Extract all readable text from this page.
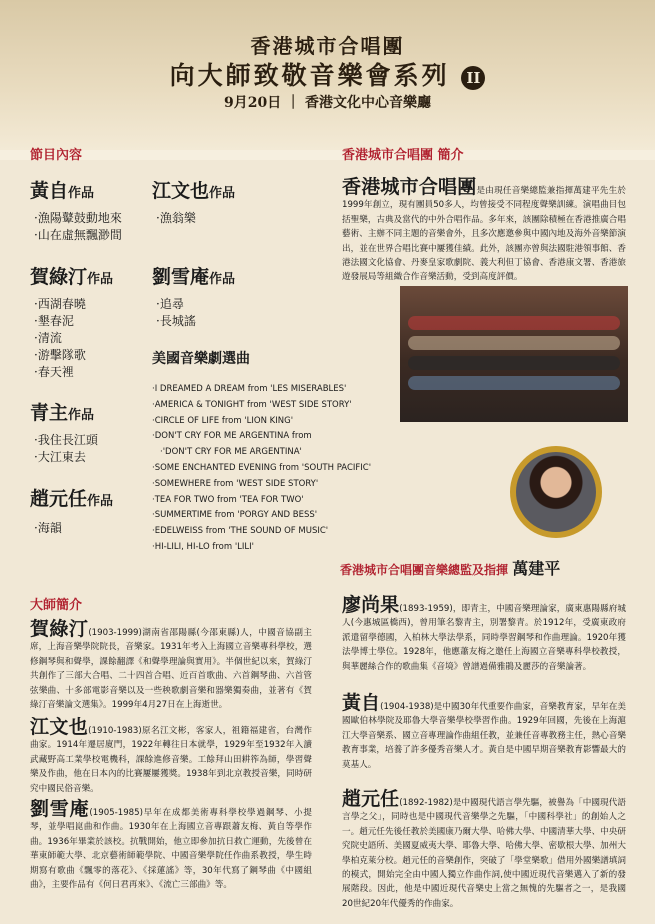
香港城市合唱團
向大師致敬音樂會系列 II
9月20日 ｜ 香港文化中心音樂廳
節目內容
黃自作品
· 漁陽鼙鼓動地來
· 山在虛無飄渺間
江文也作品
· 漁翁樂
賀綠汀作品
· 西湖春曉
· 墾春泥
· 清流
· 游擊隊歌
· 春天裡
劉雪庵作品
· 追尋
· 長城謠
青主作品
· 我住長江頭
· 大江東去
趙元任作品
· 海韻
美國音樂劇選曲
· I DREAMED A DREAM from 'LES MISERABLES'
· AMERICA & TONIGHT from 'WEST SIDE STORY'
· CIRCLE OF LIFE from 'LION KING'
· DON'T CRY FOR ME ARGENTINA from
· 'DON'T CRY FOR ME ARGENTINA'
· SOME ENCHANTED EVENING from 'SOUTH PACIFIC'
· SOMEWHERE from 'WEST SIDE STORY'
· TEA FOR TWO from 'TEA FOR TWO'
· SUMMERTIME from 'PORGY AND BESS'
· EDELWEISS from 'THE SOUND OF MUSIC'
· HI-LILI, HI-LO from 'LILI'
香港城市合唱團 簡介
香港城市合唱團是由現任音樂總監兼指揮萬建平先生於1999年創立，現有團員50多人，均曾接受不同程度聲樂訓練。演唱曲目包括聖樂，古典及當代的中外合唱作品。多年來，該團除積極在香港推廣合唱藝術、主辦不同主題的音樂會外，且多次應邀參與中國內地及海外音樂節演出，並在世界合唱比賽中屢獲佳績。此外，該團亦曾與法國駐港領事館、香港法國文化協會、丹麥皇家歌劇院、義大利但丁協會、香港康文署、香港旅遊發展局等組織合作音樂活動，受到高度評價。
香港城市合唱團音樂總監及指揮 萬建平
大師簡介
賀綠汀(1903-1999)湖南省邵陽縣(今邵東縣)人，中國音協副主席，上海音樂學院院長，音樂家。1931年考入上海國立音樂專科學校，選修鋼琴與和聲學，課餘翻譯《和聲學理論與實用》。半個世紀以來，賀綠汀共創作了三部大合唱、二十四首合唱、近百首歌曲、六首鋼琴曲、六首管弦樂曲、十多部電影音樂以及一些秧歌劇音樂和器樂獨奏曲，並著有《賀綠汀音樂論文選集》。1999年4月27日在上海逝世。
江文也(1910-1983)原名江文彬，客家人，祖籍福建省，台灣作曲家。1914年遷居廈門，1922年轉往日本就學，1929年至1932年入讀武藏野高工業學校電機科，課餘進修音樂。工餘拜山田耕筰為師，學習聲樂及作曲，他在日本內的比賽屢屢獲獎。1938年到北京教授音樂，同時研究中國民俗音樂。
劉雪庵(1905-1985)早年在成都美術專科學校學過鋼琴、小提琴，並學唱崑曲和作曲。1930年在上海國立音專跟蕭友梅、黃自等學作曲。1936年畢業於該校。抗戰開始，他立即參加抗日救亡運動，先後曾在華東師範大學、北京藝術師範學院、中國音樂學院任作曲系教授，學生時期寫有歌曲《飄零的落花》、《採蓮謠》等，30年代寫了鋼琴曲《中國組曲》，主要作品有《何日君再來》、《流亡三部曲》等。
廖尚果(1893-1959)，即青主，中國音樂理論家，廣東惠陽縣府城人(今惠城區橋西)，曾用筆名黎青主，別署黎青。於1912年，受廣東政府派遣留學德國，入柏林大學法學系，同時學習鋼琴和作曲理論。1920年獲法學博士學位。1928年，他應蕭友梅之邀任上海國立音樂專科學校教授，與華麗絲合作的歌曲集《音境》曾譜過備雅鵑及麗莎的音樂論著。
黃自(1904-1938)是中國30年代重要作曲家，音樂教育家，早年在美國歐伯林學院及耶魯大學音樂學校學習作曲。1929年回國，先後在上海滬江大學音樂系、國立音專理論作曲組任教，並兼任音專教務主任，熱心音樂教育事業，培養了許多優秀音樂人才。黃自是中國早期音樂教育影響最大的莫基人。
趙元任(1892-1982)是中國現代語言學先驅，被譽為「中國現代語言學之父」，同時也是中國現代音樂學之先驅，「中國科學社」的創始人之一。趙元任先後任教於美國康乃爾大學、哈佛大學、中國清華大學、中央研究院史語所、美國夏威夷大學、耶魯大學、哈佛大學、密歇根大學、加州大學柏克萊分校。趙元任的音樂創作，突破了「學堂樂歌」借用外國樂譜填詞的模式，開始完全由中國人獨立作曲作詞,使中國近現代音樂邁入了新的發展階段。因此，他是中國近現代音樂史上當之無愧的先驅者之一，是我國20世紀20年代優秀的作曲家。
